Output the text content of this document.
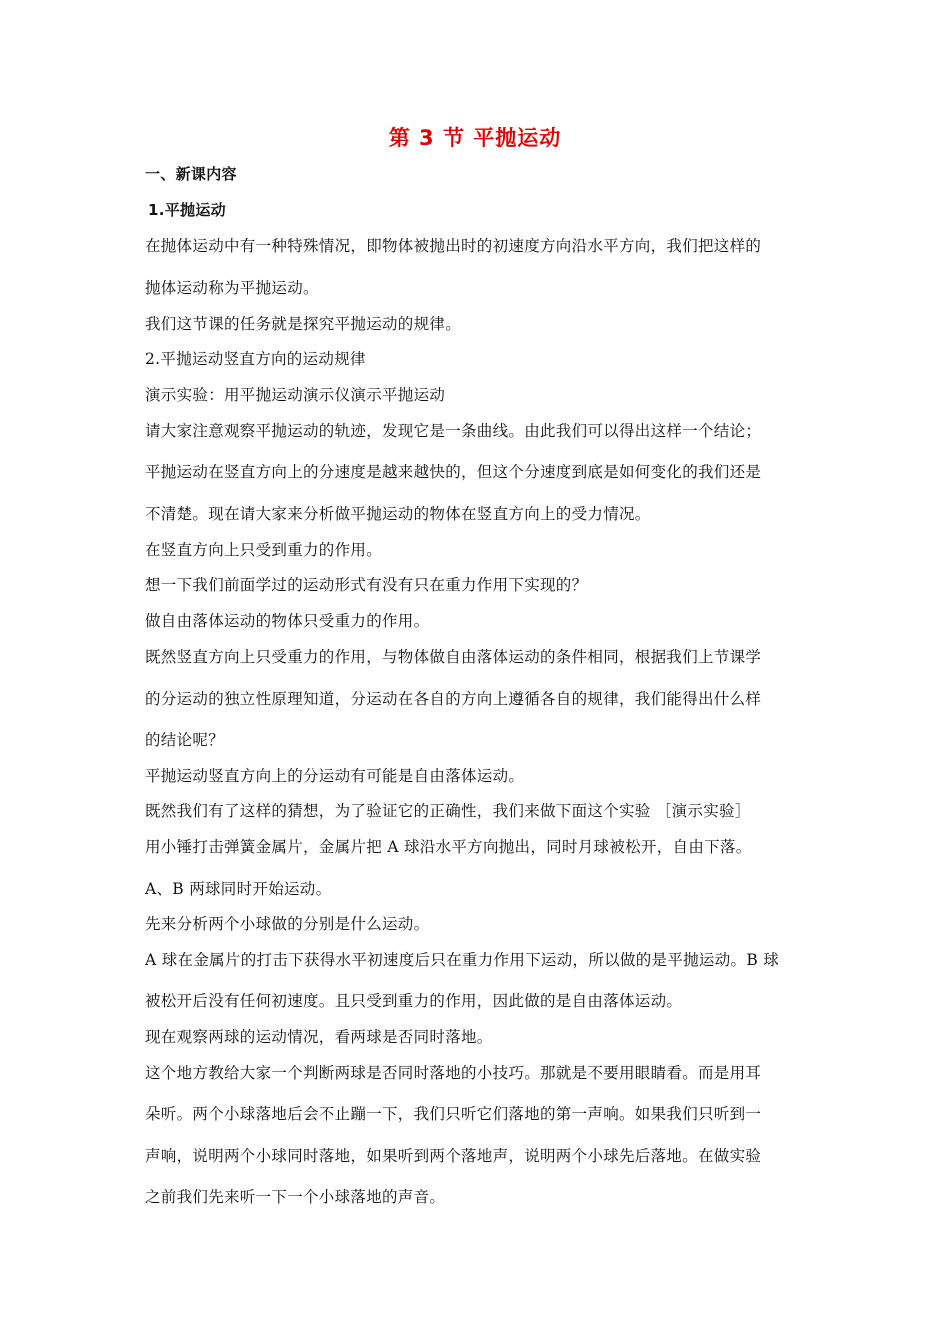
第 3 节 平抛运动
一、新课内容
1.平抛运动
在抛体运动中有一种特殊情况，即物体被抛出时的初速度方向沿水平方向，我们把这样的
抛体运动称为平抛运动。
我们这节课的任务就是探究平抛运动的规律。
2.平抛运动竖直方向的运动规律
演示实验：用平抛运动演示仪演示平抛运动
请大家注意观察平抛运动的轨迹，发现它是一条曲线。由此我们可以得出这样一个结论；
平抛运动在竖直方向上的分速度是越来越快的，但这个分速度到底是如何变化的我们还是
不清楚。现在请大家来分析做平抛运动的物体在竖直方向上的受力情况。
在竖直方向上只受到重力的作用。
想一下我们前面学过的运动形式有没有只在重力作用下实现的？
做自由落体运动的物体只受重力的作用。
既然竖直方向上只受重力的作用，与物体做自由落体运动的条件相同，根据我们上节课学
的分运动的独立性原理知道，分运动在各自的方向上遵循各自的规律，我们能得出什么样
的结论呢？
平抛运动竖直方向上的分运动有可能是自由落体运动。
既然我们有了这样的猜想，为了验证它的正确性，我们来做下面这个实验 ［演示实验］
用小锤打击弹簧金属片，金属片把 A 球沿水平方向抛出，同时月球被松开，自由下落。
A、B 两球同时开始运动。
先来分析两个小球做的分别是什么运动。
A 球在金属片的打击下获得水平初速度后只在重力作用下运动，所以做的是平抛运动。B 球
被松开后没有任何初速度。且只受到重力的作用，因此做的是自由落体运动。
现在观察两球的运动情况，看两球是否同时落地。
这个地方教给大家一个判断两球是否同时落地的小技巧。那就是不要用眼睛看。而是用耳
朵听。两个小球落地后会不止蹦一下，我们只听它们落地的第一声响。如果我们只听到一
声响，说明两个小球同时落地，如果听到两个落地声，说明两个小球先后落地。在做实验
之前我们先来听一下一个小球落地的声音。
